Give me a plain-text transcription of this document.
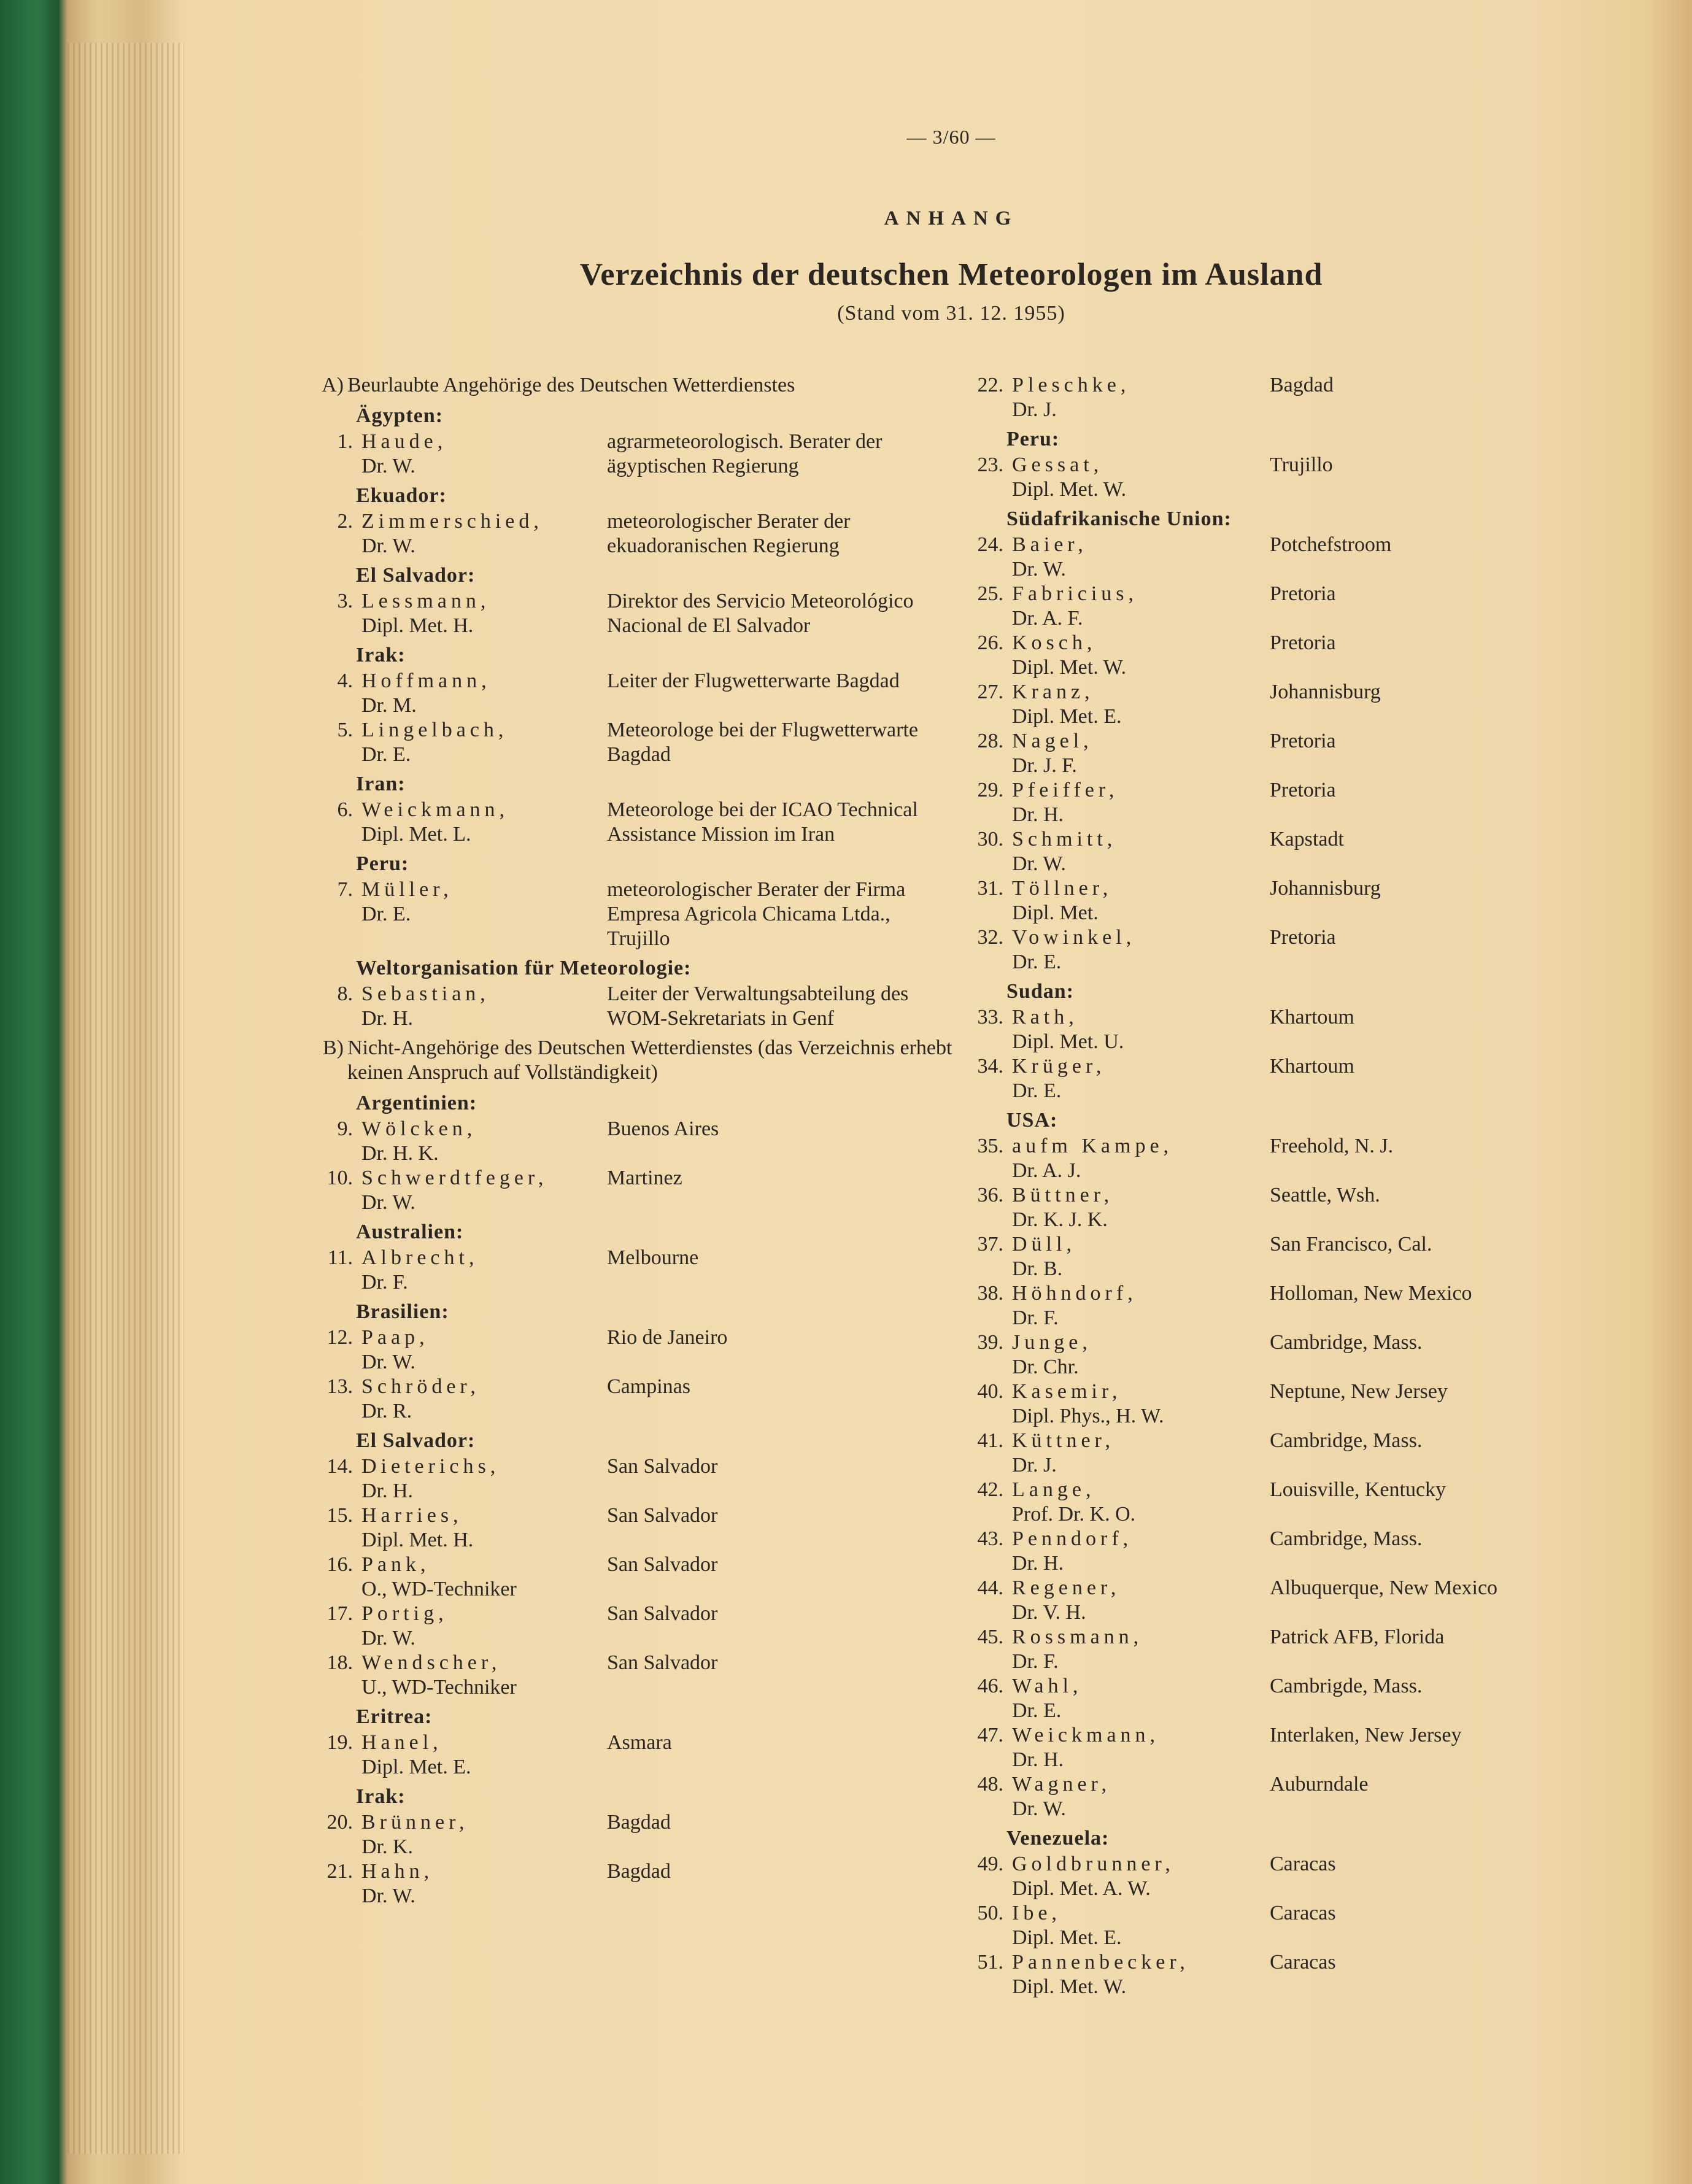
— 3/60 —
ANHANG
Verzeichnis der deutschen Meteorologen im Ausland
(Stand vom 31. 12. 1955)
A) Beurlaubte Angehörige des Deutschen Wetterdienstes
Ägypten:
1. Haude,
Dr. W.
agrarmeteorologisch. Berater der ägyptischen Regierung
Ekuador:
2. Zimmerschied,
Dr. W.
meteorologischer Berater der ekuadoranischen Regierung
El Salvador:
3. Lessmann,
Dipl. Met. H.
Direktor des Servicio Meteorológico Nacional de El Salvador
Irak:
4. Hoffmann,
Dr. M.
Leiter der Flugwetterwarte Bagdad
5. Lingelbach,
Dr. E.
Meteorologe bei der Flugwetterwarte Bagdad
Iran:
6. Weickmann,
Dipl. Met. L.
Meteorologe bei der ICAO Technical Assistance Mission im Iran
Peru:
7. Müller,
Dr. E.
meteorologischer Berater der Firma Empresa Agricola Chicama Ltda., Trujillo
Weltorganisation für Meteorologie:
8. Sebastian,
Dr. H.
Leiter der Verwaltungsabteilung des WOM-Sekretariats in Genf
B) Nicht-Angehörige des Deutschen Wetterdienstes (das Verzeichnis erhebt keinen Anspruch auf Vollständigkeit)
Argentinien:
9. Wölcken,
Dr. H. K.
Buenos Aires
10. Schwerdtfeger,
Dr. W.
Martinez
Australien:
11. Albrecht,
Dr. F.
Melbourne
Brasilien:
12. Paap,
Dr. W.
Rio de Janeiro
13. Schröder,
Dr. R.
Campinas
El Salvador:
14. Dieterichs,
Dr. H.
San Salvador
15. Harries,
Dipl. Met. H.
San Salvador
16. Pank,
O., WD-Techniker
San Salvador
17. Portig,
Dr. W.
San Salvador
18. Wendscher,
U., WD-Techniker
San Salvador
Eritrea:
19. Hanel,
Dipl. Met. E.
Asmara
Irak:
20. Brünner,
Dr. K.
Bagdad
21. Hahn,
Dr. W.
Bagdad
22. Pleschke,
Dr. J.
Bagdad
Peru:
23. Gessat,
Dipl. Met. W.
Trujillo
Südafrikanische Union:
24. Baier,
Dr. W.
Potchefstroom
25. Fabricius,
Dr. A. F.
Pretoria
26. Kosch,
Dipl. Met. W.
Pretoria
27. Kranz,
Dipl. Met. E.
Johannisburg
28. Nagel,
Dr. J. F.
Pretoria
29. Pfeiffer,
Dr. H.
Pretoria
30. Schmitt,
Dr. W.
Kapstadt
31. Töllner,
Dipl. Met.
Johannisburg
32. Vowinkel,
Dr. E.
Pretoria
Sudan:
33. Rath,
Dipl. Met. U.
Khartoum
34. Krüger,
Dr. E.
Khartoum
USA:
35. aufm Kampe,
Dr. A. J.
Freehold, N. J.
36. Büttner,
Dr. K. J. K.
Seattle, Wsh.
37. Düll,
Dr. B.
San Francisco, Cal.
38. Höhndorf,
Dr. F.
Holloman, New Mexico
39. Junge,
Dr. Chr.
Cambridge, Mass.
40. Kasemir,
Dipl. Phys., H. W.
Neptune, New Jersey
41. Küttner,
Dr. J.
Cambridge, Mass.
42. Lange,
Prof. Dr. K. O.
Louisville, Kentucky
43. Penndorf,
Dr. H.
Cambridge, Mass.
44. Regener,
Dr. V. H.
Albuquerque, New Mexico
45. Rossmann,
Dr. F.
Patrick AFB, Florida
46. Wahl,
Dr. E.
Cambrigde, Mass.
47. Weickmann,
Dr. H.
Interlaken, New Jersey
48. Wagner,
Dr. W.
Auburndale
Venezuela:
49. Goldbrunner,
Dipl. Met. A. W.
Caracas
50. Ibe,
Dipl. Met. E.
Caracas
51. Pannenbecker,
Dipl. Met. W.
Caracas
